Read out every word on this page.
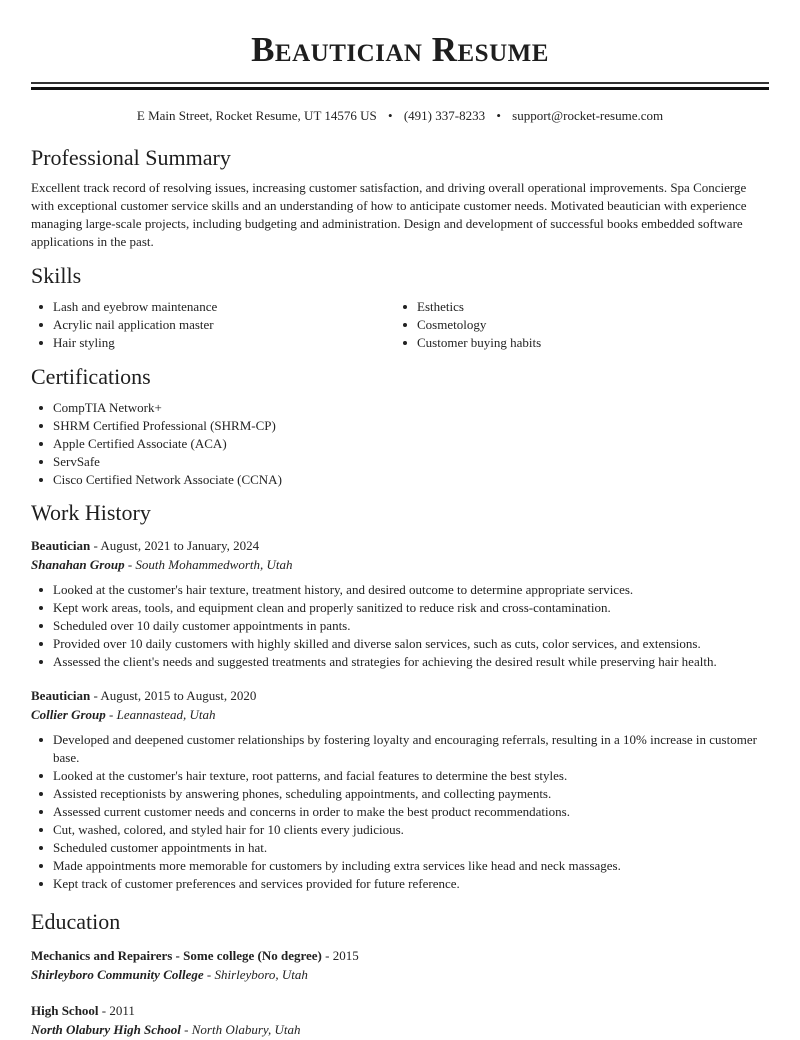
Beautician Resume
E Main Street, Rocket Resume, UT 14576 US • (491) 337-8233 • support@rocket-resume.com
Professional Summary

Excellent track record of resolving issues, increasing customer satisfaction, and driving overall operational improvements. Spa Concierge with exceptional customer service skills and an understanding of how to anticipate customer needs. Motivated beautician with experience managing large-scale projects, including budgeting and administration. Design and development of successful books embedded software applications in the past.

Skills
Lash and eyebrow maintenance
Acrylic nail application master
Hair styling
Esthetics
Cosmetology
Customer buying habits
Certifications
CompTIA Network+
SHRM Certified Professional (SHRM-CP)
Apple Certified Associate (ACA)
ServSafe
Cisco Certified Network Associate (CCNA)
Work History
Beautician - August, 2021 to January, 2024
Shanahan Group - South Mohammedworth, Utah
Looked at the customer's hair texture, treatment history, and desired outcome to determine appropriate services.
Kept work areas, tools, and equipment clean and properly sanitized to reduce risk and cross-contamination.
Scheduled over 10 daily customer appointments in pants.
Provided over 10 daily customers with highly skilled and diverse salon services, such as cuts, color services, and extensions.
Assessed the client's needs and suggested treatments and strategies for achieving the desired result while preserving hair health.
Beautician - August, 2015 to August, 2020
Collier Group - Leannastead, Utah
Developed and deepened customer relationships by fostering loyalty and encouraging referrals, resulting in a 10% increase in customer base.
Looked at the customer's hair texture, root patterns, and facial features to determine the best styles.
Assisted receptionists by answering phones, scheduling appointments, and collecting payments.
Assessed current customer needs and concerns in order to make the best product recommendations.
Cut, washed, colored, and styled hair for 10 clients every judicious.
Scheduled customer appointments in hat.
Made appointments more memorable for customers by including extra services like head and neck massages.
Kept track of customer preferences and services provided for future reference.
Education
Mechanics and Repairers - Some college (No degree) - 2015
Shirleyboro Community College - Shirleyboro, Utah
High School - 2011
North Olabury High School - North Olabury, Utah
